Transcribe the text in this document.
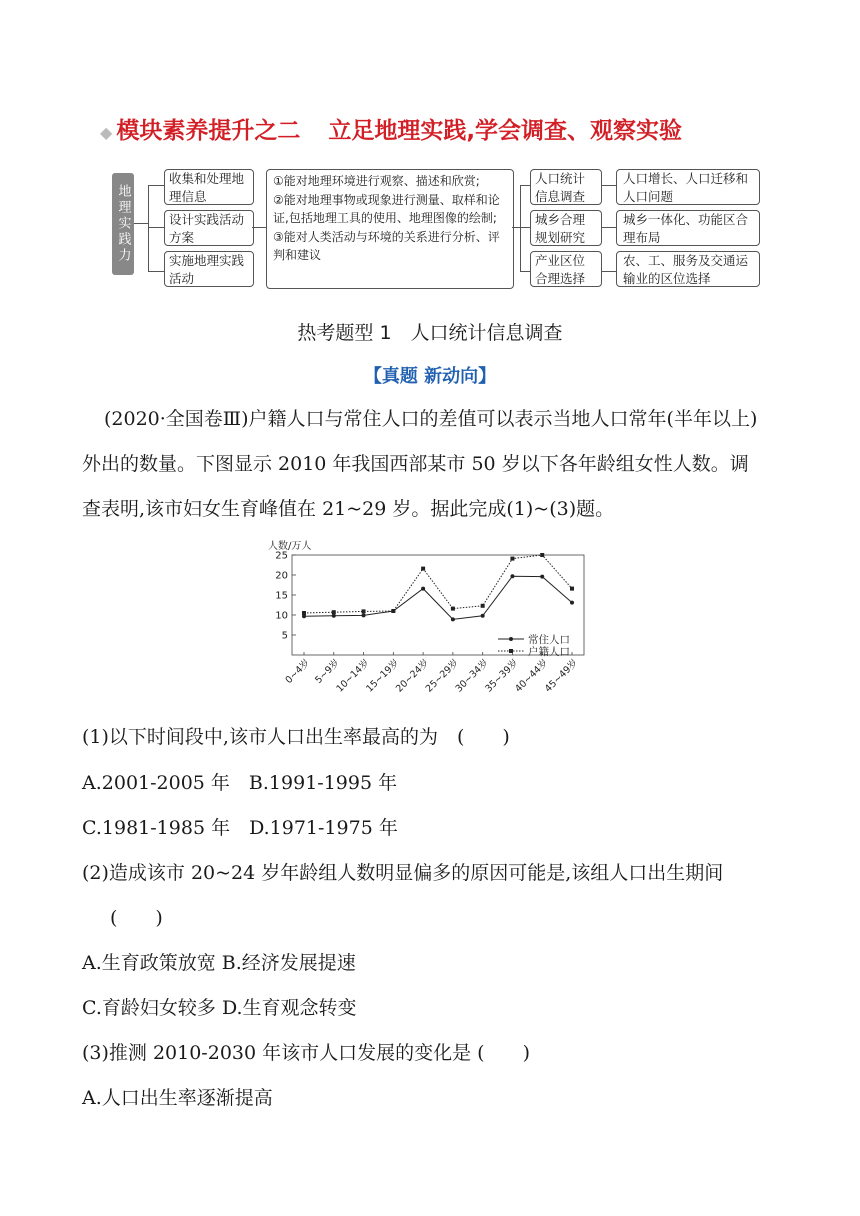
◆ 模块素养提升之二 立足地理实践,学会调查、观察实验
地理实践力
收集和处理地理信息
设计实践活动方案
实施地理实践活动
①能对地理环境进行观察、描述和欣赏;
②能对地理事物或现象进行测量、取样和论证,包括地理工具的使用、地理图像的绘制;
③能对人类活动与环境的关系进行分析、评判和建议
人口统计信息调查
城乡合理规划研究
产业区位合理选择
人口增长、人口迁移和人口问题
城乡一体化、功能区合理布局
农、工、服务及交通运输业的区位选择
热考题型 1　人口统计信息调查
【真题 新动向】
(2020·全国卷Ⅲ)户籍人口与常住人口的差值可以表示当地人口常年(半年以上)
外出的数量。下图显示 2010 年我国西部某市 50 岁以下各年龄组女性人数。调
查表明,该市妇女生育峰值在 21~29 岁。据此完成(1)~(3)题。
人数/万人
5
10
15
20
25
0~4岁 5~9岁
10~14岁
15~19岁
20~24岁
25~29岁
30~34岁
35~39岁
40~44岁
45~49岁
常住人口
户籍人口
(1)以下时间段中,该市人口出生率最高的为　(　　)
A.2001-2005 年　B.1991-1995 年
C.1981-1985 年　D.1971-1975 年
(2)造成该市 20~24 岁年龄组人数明显偏多的原因可能是,该组人口出生期间
(　　)
A.生育政策放宽 B.经济发展提速
C.育龄妇女较多 D.生育观念转变
(3)推测 2010-2030 年该市人口发展的变化是 (　　)
A.人口出生率逐渐提高
